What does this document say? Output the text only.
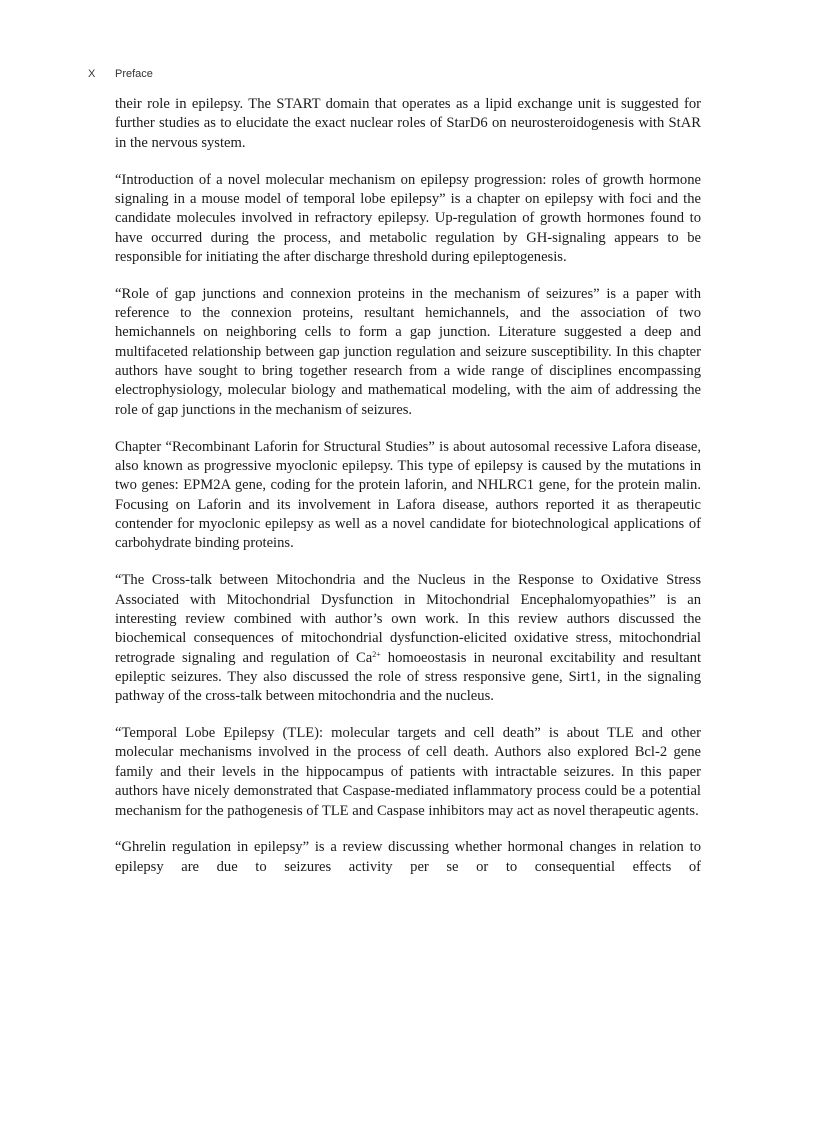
X Preface

their role in epilepsy. The START domain that operates as a lipid exchange unit is suggested for further studies as to elucidate the exact nuclear roles of StarD6 on neurosteroidogenesis with StAR in the nervous system.

“Introduction of a novel molecular mechanism on epilepsy progression: roles of growth hormone signaling in a mouse model of temporal lobe epilepsy” is a chapter on epilepsy with foci and the candidate molecules involved in refractory epilepsy. Up-regulation of growth hormones found to have occurred during the process, and metabolic regulation by GH-signaling appears to be responsible for initiating the after discharge threshold during epileptogenesis.

“Role of gap junctions and connexion proteins in the mechanism of seizures” is a paper with reference to the connexion proteins, resultant hemichannels, and the association of two hemichannels on neighboring cells to form a gap junction. Literature suggested a deep and multifaceted relationship between gap junction regulation and seizure susceptibility. In this chapter authors have sought to bring together research from a wide range of disciplines encompassing electrophysiology, molecular biology and mathematical modeling, with the aim of addressing the role of gap junctions in the mechanism of seizures.

Chapter “Recombinant Laforin for Structural Studies” is about autosomal recessive Lafora disease, also known as progressive myoclonic epilepsy. This type of epilepsy is caused by the mutations in two genes: EPM2A gene, coding for the protein laforin, and NHLRC1 gene, for the protein malin. Focusing on Laforin and its involvement in Lafora disease, authors reported it as therapeutic contender for myoclonic epilepsy as well as a novel candidate for biotechnological applications of carbohydrate binding proteins.

“The Cross-talk between Mitochondria and the Nucleus in the Response to Oxidative Stress Associated with Mitochondrial Dysfunction in Mitochondrial Encephalomyopathies” is an interesting review combined with author’s own work. In this review authors discussed the biochemical consequences of mitochondrial dysfunction-elicited oxidative stress, mitochondrial retrograde signaling and regulation of $Ca^{2+}$ homoeostasis in neuronal excitability and resultant epileptic seizures. They also discussed the role of stress responsive gene, Sirt1, in the signaling pathway of the cross-talk between mitochondria and the nucleus.

“Temporal Lobe Epilepsy (TLE): molecular targets and cell death” is about TLE and other molecular mechanisms involved in the process of cell death. Authors also explored Bcl-2 gene family and their levels in the hippocampus of patients with intractable seizures. In this paper authors have nicely demonstrated that Caspase-mediated inflammatory process could be a potential mechanism for the pathogenesis of TLE and Caspase inhibitors may act as novel therapeutic agents.

“Ghrelin regulation in epilepsy” is a review discussing whether hormonal changes in relation to epilepsy are due to seizures activity per se or to consequential effects of
